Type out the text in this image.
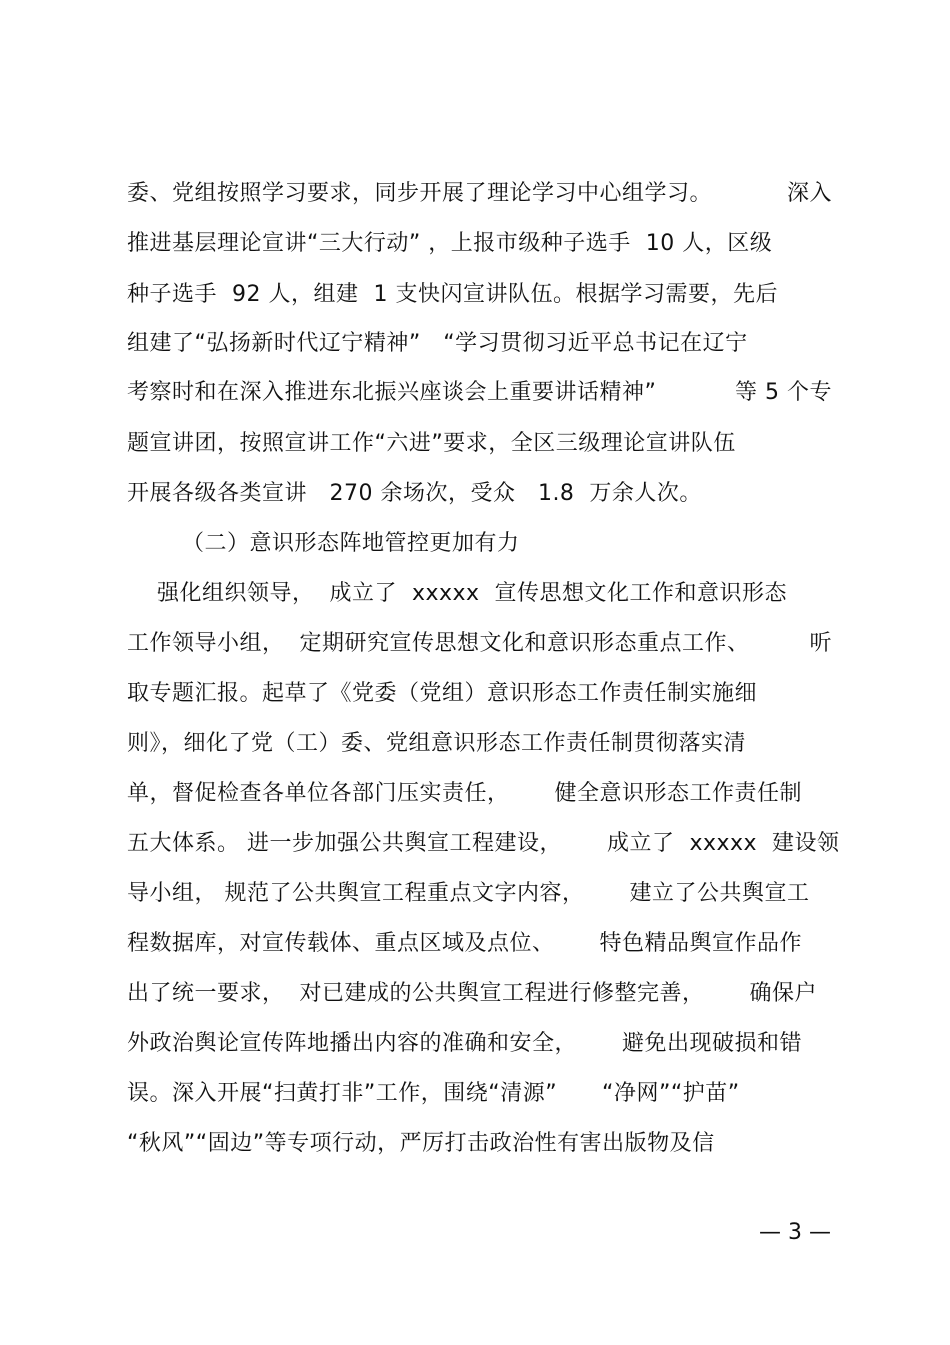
委、党组按照学习要求，同步开展了理论学习中心组学习。	深入
推进基层理论宣讲“三大行动” ，上报市级种子选手  10 人，区级
种子选手  92 人，组建  1 支快闪宣讲队伍。根据学习需要，先后
组建了“弘扬新时代辽宁精神”   “学习贯彻习近平总书记在辽宁
考察时和在深入推进东北振兴座谈会上重要讲话精神”	等 5 个专
题宣讲团，按照宣讲工作“六进”要求，全区三级理论宣讲队伍
开展各级各类宣讲   270 余场次，受众   1.8  万余人次。
（二）意识形态阵地管控更加有力
强化组织领导，  成立了  xxxxx  宣传思想文化工作和意识形态
工作领导小组，  定期研究宣传思想文化和意识形态重点工作、	听
取专题汇报。起草了《党委（党组）意识形态工作责任制实施细
则》，细化了党（工）委、党组意识形态工作责任制贯彻落实清
单，督促检查各单位各部门压实责任，      健全意识形态工作责任制
五大体系。 进一步加强公共舆宣工程建设，      成立了  xxxxx  建设领
导小组， 规范了公共舆宣工程重点文字内容，      建立了公共舆宣工
程数据库，对宣传载体、重点区域及点位、      特色精品舆宣作品作
出了统一要求，  对已建成的公共舆宣工程进行修整完善，      确保户
外政治舆论宣传阵地播出内容的准确和安全，      避免出现破损和错
误。深入开展“扫黄打非”工作，围绕“清源”      “净网”“护苗”
“秋风”“固边”等专项行动，严厉打击政治性有害出版物及信
— 3 —
